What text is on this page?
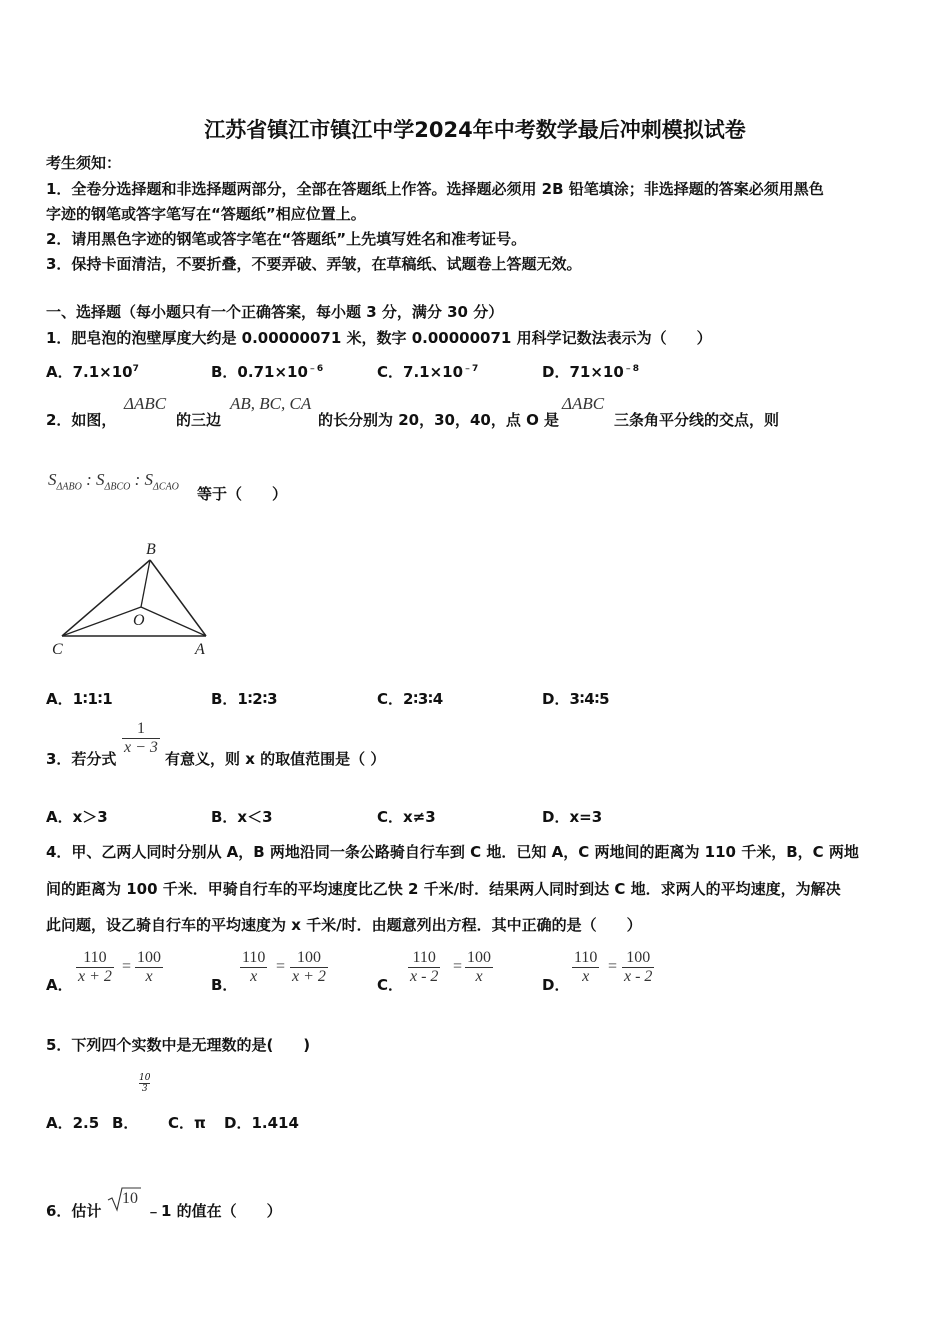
江苏省镇江市镇江中学2024年中考数学最后冲刺模拟试卷
考生须知：
1．全卷分选择题和非选择题两部分，全部在答题纸上作答。选择题必须用 2B 铅笔填涂；非选择题的答案必须用黑色
字迹的钢笔或答字笔写在“答题纸”相应位置上。
2．请用黑色字迹的钢笔或答字笔在“答题纸”上先填写姓名和准考证号。
3．保持卡面清洁，不要折叠，不要弄破、弄皱，在草稿纸、试题卷上答题无效。
一、选择题（每小题只有一个正确答案，每小题 3 分，满分 30 分）
1．肥皂泡的泡壁厚度大约是 0.00000071 米，数字 0.00000071 用科学记数法表示为（　　）
A．$7.1\times 10^7$	B．$0.71\times 10^{﹣6}$	C．$7.1\times 10^{﹣7}$	D．$71\times 10^{﹣8}$
2．如图，
ΔABC
的三边
AB, BC, CA
的长分别为 20，30，40，点 O 是
ΔABC
三条角平分线的交点，则
$S_{\Delta ABO}$ : $S_{\Delta BCO}$ : $S_{\Delta CAO}$ 等于（　　）
B
O
C	A
A．1∶1∶1	B．1∶2∶3	C．2∶3∶4	D．3∶4∶5
3．若分式
1
x − 3
有意义，则 x 的取值范围是（ ）
A．x＞3	B．x＜3	C．x≠3	D．x=3
4．甲、乙两人同时分别从 A，B 两地沿同一条公路骑自行车到 C 地．已知 A，C 两地间的距离为 110 千米，B，C 两地
间的距离为 100 千米．甲骑自行车的平均速度比乙快 2 千米/时．结果两人同时到达 C 地．求两人的平均速度，为解决
此问题，设乙骑自行车的平均速度为 x 千米/时．由题意列出方程．其中正确的是（　　）
A．
110
x + 2
=
100
x	B．
110
x
=
100
x + 2	C．
110
x - 2
=
100
x	D．
110
x
=
100
x - 2
5．下列四个实数中是无理数的是(　　)
10
3
A．2.5 B． C．π D．1.414
6．估计
10
﹣1 的值在（　　）
